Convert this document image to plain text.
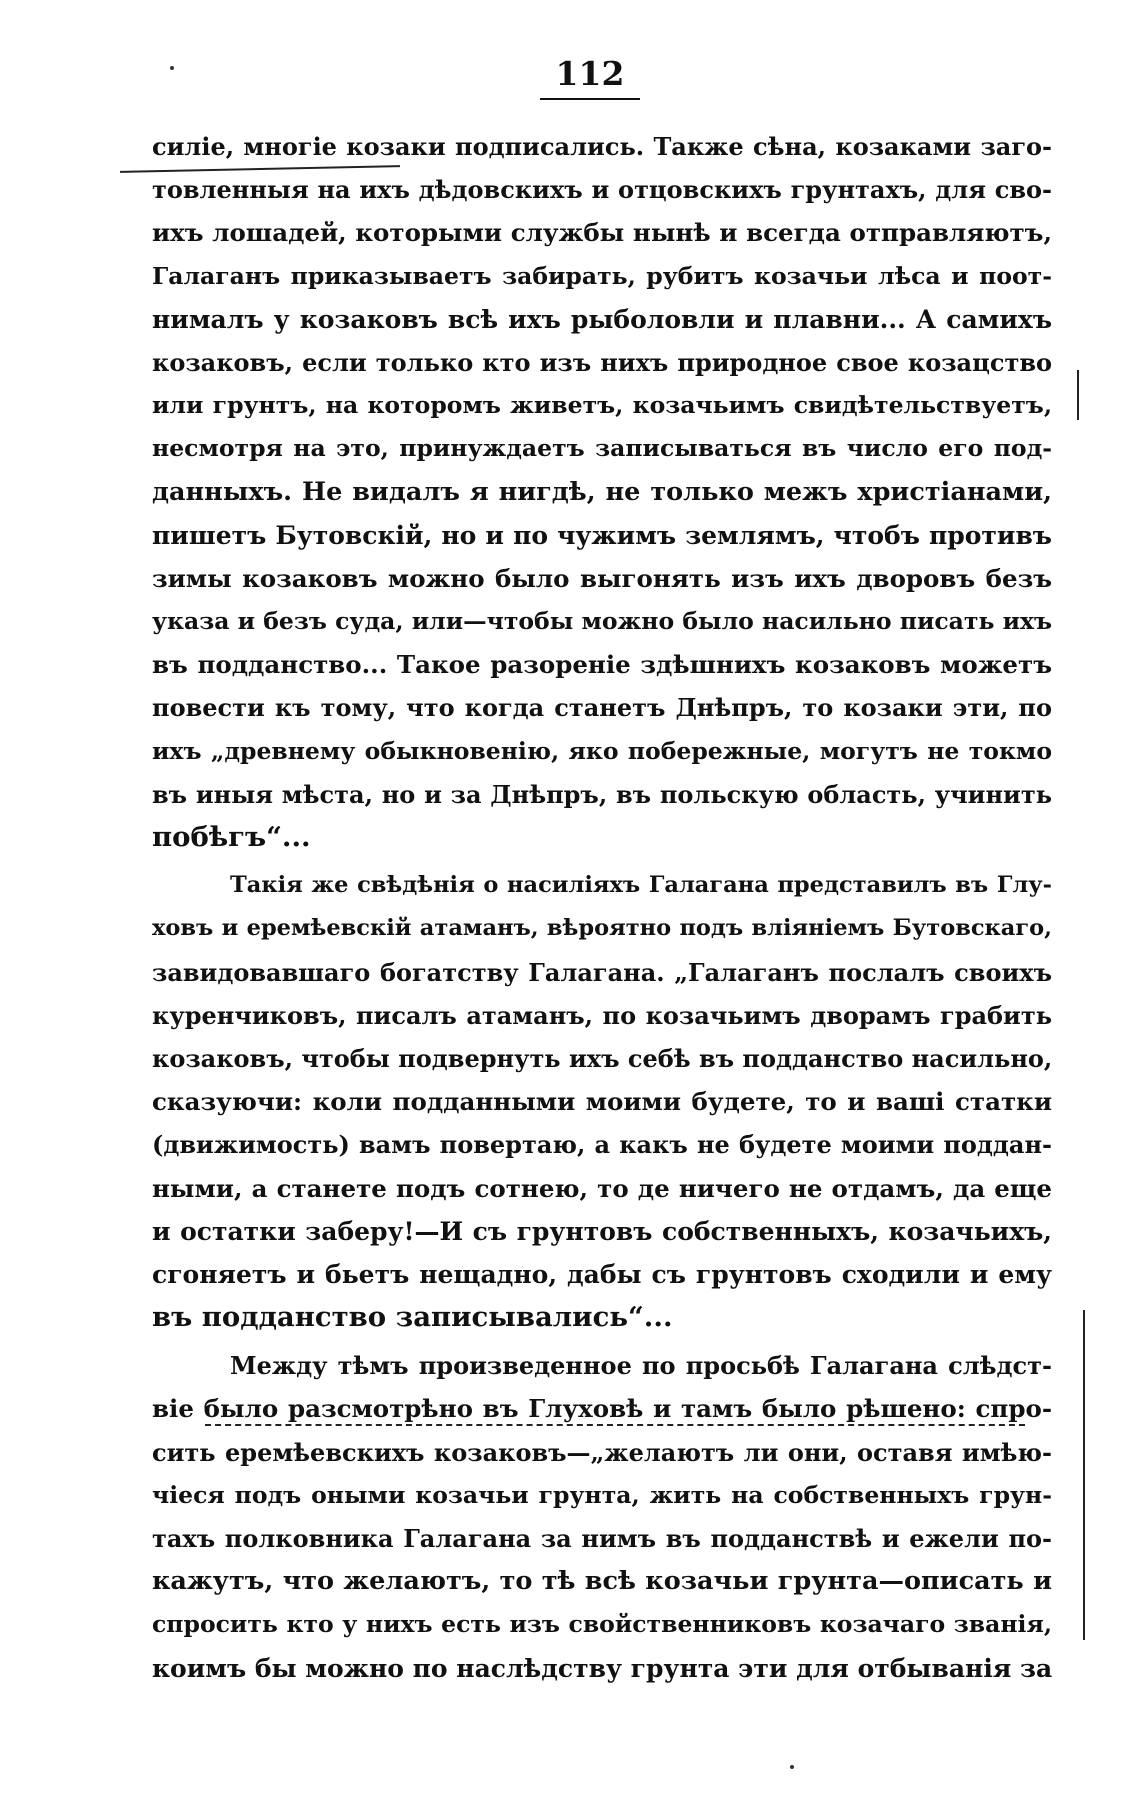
112
силіе, многіе козаки подписались. Также сѣна, козаками заго-
товленныя на ихъ дѣдовскихъ и отцовскихъ грунтахъ, для сво-
ихъ лошадей, которыми службы нынѣ и всегда отправляютъ,
Галаганъ приказываетъ забирать, рубитъ козачьи лѣса и поот-
нималъ у козаковъ всѣ ихъ рыболовли и плавни... А самихъ
козаковъ, если только кто изъ нихъ природное свое козацство
или грунтъ, на которомъ живетъ, козачьимъ свидѣтельствуетъ,
несмотря на это, принуждаетъ записываться въ число его под-
данныхъ. Не видалъ я нигдѣ, не только межъ христіанами,
пишетъ Бутовскій, но и по чужимъ землямъ, чтобъ противъ
зимы козаковъ можно было выгонять изъ ихъ дворовъ безъ
указа и безъ суда, или—чтобы можно было насильно писать ихъ
въ подданство... Такое разореніе здѣшнихъ козаковъ можетъ
повести къ тому, что когда станетъ Днѣпръ, то козаки эти, по
ихъ „древнему обыкновенію, яко побережные, могутъ не токмо
въ иныя мѣста, но и за Днѣпръ, въ польскую область, учинить
побѣгъ“...
Такія же свѣдѣнія о насиліяхъ Галагана представилъ въ Глу-
ховъ и еремѣевскій атаманъ, вѣроятно подъ вліяніемъ Бутовскаго,
завидовавшаго богатству Галагана. „Галаганъ послалъ своихъ
куренчиковъ, писалъ атаманъ, по козачьимъ дворамъ грабить
козаковъ, чтобы подвернуть ихъ себѣ въ подданство насильно,
сказуючи: коли подданными моими будете, то и вашi статки
(движимость) вамъ повертаю, а какъ не будете моими поддан-
ными, а станете подъ сотнею, то де ничего не отдамъ, да еще
и остатки заберу!—И съ грунтовъ собственныхъ, козачьихъ,
сгоняетъ и бьетъ нещадно, дабы съ грунтовъ сходили и ему
въ подданство записывались“...
Между тѣмъ произведенное по просьбѣ Галагана слѣдст-
віе было разсмотрѣно въ Глуховѣ и тамъ было рѣшено: спро-
сить еремѣевскихъ козаковъ—„желаютъ ли они, оставя имѣю-
чіеся подъ оными козачьи грунта, жить на собственныхъ грун-
тахъ полковника Галагана за нимъ въ подданствѣ и ежели по-
кажутъ, что желаютъ, то тѣ всѣ козачьи грунта—описать и
спросить кто у нихъ есть изъ свойственниковъ козачаго званія,
коимъ бы можно по наслѣдству грунта эти для отбыванія за
